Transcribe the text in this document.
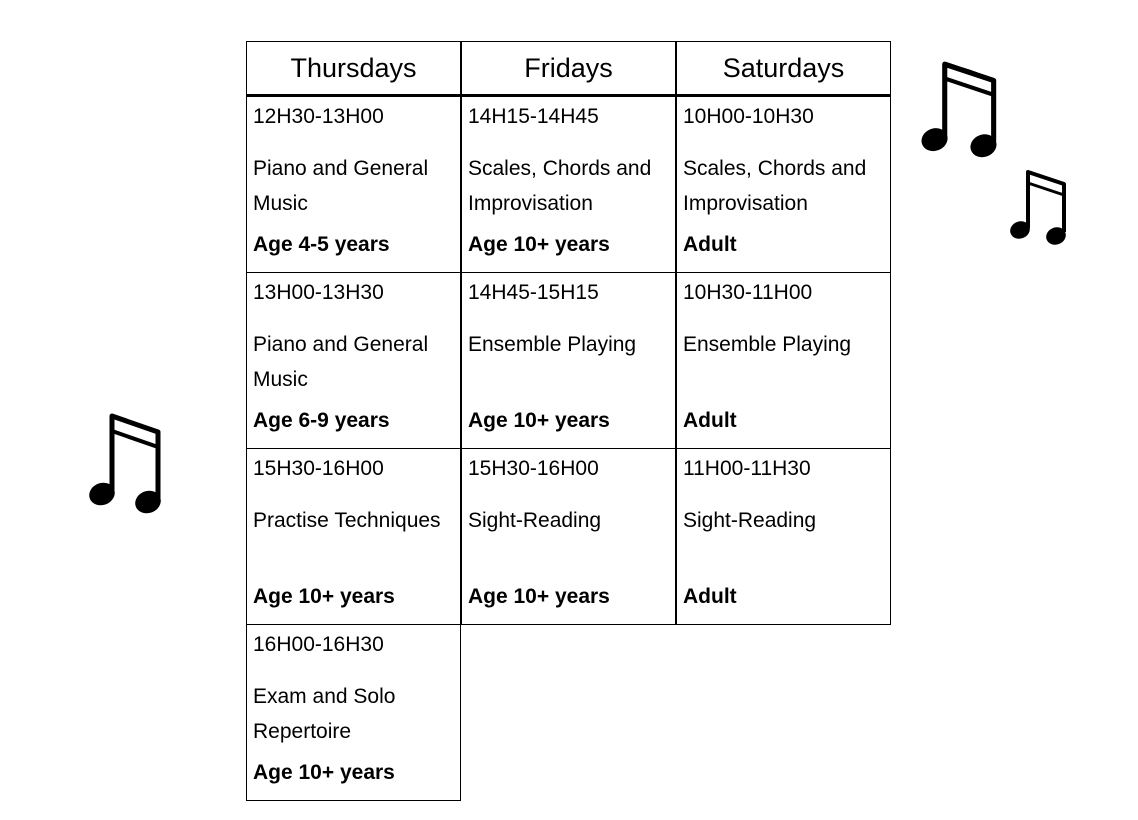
Thursdays	Fridays	Saturdays
12H30-13H00
Piano and General Music
Age 4-5 years
13H00-13H30
Piano and General Music
Age 6-9 years
15H30-16H00
Practise Techniques
Age 10+ years
16H00-16H30
Exam and Solo Repertoire
Age 10+ years
14H15-14H45
Scales, Chords and Improvisation
Age 10+ years
14H45-15H15
Ensemble Playing
Age 10+ years
15H30-16H00
Sight-Reading
Age 10+ years
10H00-10H30
Scales, Chords and Improvisation
Adult
10H30-11H00
Ensemble Playing
Adult
11H00-11H30
Sight-Reading
Adult
